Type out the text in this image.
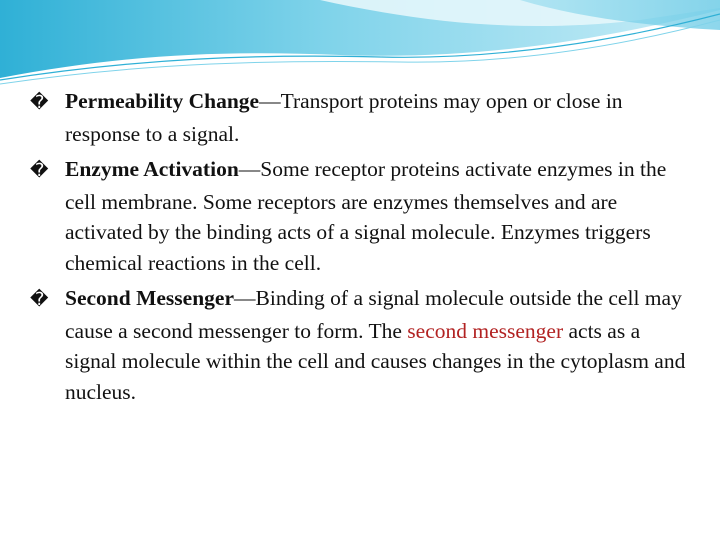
� Permeability Change—Transport proteins may open or close in response to a signal.

� Enzyme Activation—Some receptor proteins activate enzymes in the cell membrane. Some receptors are enzymes themselves and are activated by the binding acts of a signal molecule. Enzymes triggers chemical reactions in the cell.

� Second Messenger—Binding of a signal molecule outside the cell may cause a second messenger to form. The second messenger acts as a signal molecule within the cell and causes changes in the cytoplasm and nucleus.
